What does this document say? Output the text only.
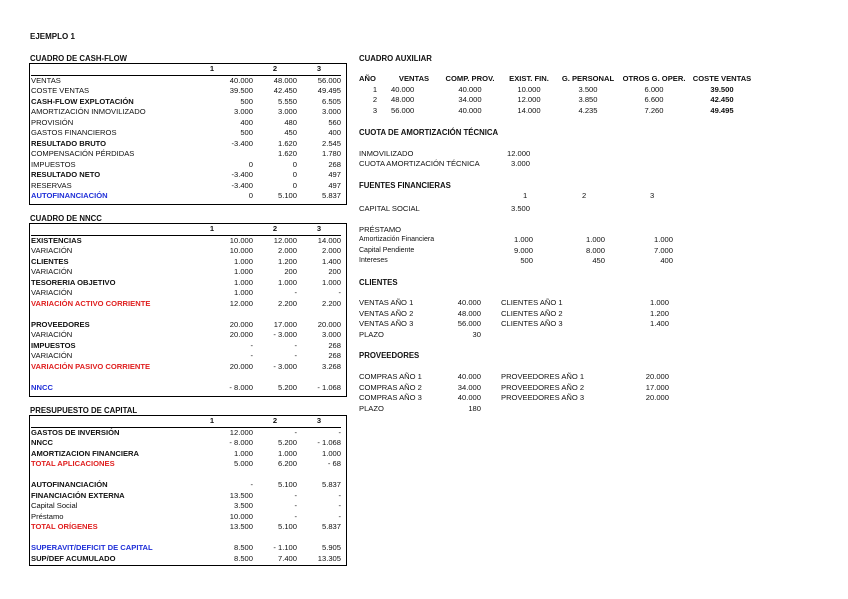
EJEMPLO 1
CUADRO DE CASH-FLOW
	1	2	3
VENTAS	40.000	48.000	56.000
COSTE VENTAS	39.500	42.450	49.495
CASH-FLOW EXPLOTACIÓN	500	5.550	6.505
AMORTIZACIÓN INMOVILIZADO	3.000	3.000	3.000
PROVISIÓN	400	480	560
GASTOS FINANCIEROS	500	450	400
RESULTADO BRUTO	-3.400	1.620	2.545
COMPENSACIÓN PÉRDIDAS		1.620	1.780
IMPUESTOS	0	0	268
RESULTADO NETO	-3.400	0	497
RESERVAS	-3.400	0	497
AUTOFINANCIACIÓN	0	5.100	5.837
CUADRO DE NNCC
	1	2	3
EXISTENCIAS	10.000	12.000	14.000
VARIACIÓN	10.000	2.000	2.000
CLIENTES	1.000	1.200	1.400
VARIACIÓN	1.000	200	200
TESORERIA OBJETIVO	1.000	1.000	1.000
VARIACIÓN	1.000	-	-
VARIACIÓN ACTIVO CORRIENTE	12.000	2.200	2.200

PROVEEDORES	20.000	17.000	20.000
VARIACIÓN	20.000	- 3.000	3.000
IMPUESTOS	-	-	268
VARIACIÓN	-	-	268
VARIACIÓN PASIVO CORRIENTE	20.000	- 3.000	3.268

NNCC	- 8.000	5.200	- 1.068
PRESUPUESTO DE CAPITAL
	1	2	3
GASTOS DE INVERSIÓN	12.000	-	-
NNCC	- 8.000	5.200	- 1.068
AMORTIZACION FINANCIERA	1.000	1.000	1.000
TOTAL APLICACIONES	5.000	6.200	- 68

AUTOFINANCIACIÓN	-	5.100	5.837
FINANCIACIÓN EXTERNA	13.500	-	-
Capital Social	3.500	-	-
Préstamo	10.000	-	-
TOTAL ORÍGENES	13.500	5.100	5.837

SUPERAVIT/DEFICIT DE CAPITAL	8.500	- 1.100	5.905
SUP/DEF ACUMULADO	8.500	7.400	13.305
CUADRO AUXILIAR
AÑO	VENTAS	COMP. PROV.	EXIST. FIN.	G. PERSONAL	OTROS G. OPER.	COSTE VENTAS
1	40.000	40.000	10.000	3.500	6.000	39.500
2	48.000	34.000	12.000	3.850	6.600	42.450
3	56.000	40.000	14.000	4.235	7.260	49.495
CUOTA DE AMORTIZACIÓN TÉCNICA
INMOVILIZADO	12.000
CUOTA AMORTIZACIÓN TÉCNICA	3.000
FUENTES FINANCIERAS
1	2	3
CAPITAL SOCIAL	3.500
PRÉSTAMO
Amortización Financiera	1.000	1.000	1.000
Capital Pendiente	9.000	8.000	7.000
Intereses	500	450	400
CLIENTES
VENTAS AÑO 1	40.000		CLIENTES AÑO 1	1.000
VENTAS AÑO 2	48.000		CLIENTES AÑO 2	1.200
VENTAS AÑO 3	56.000		CLIENTES AÑO 3	1.400
PLAZO	30			
PROVEEDORES
COMPRAS AÑO 1	40.000		PROVEEDORES AÑO 1	20.000
COMPRAS AÑO 2	34.000		PROVEEDORES AÑO 2	17.000
COMPRAS AÑO 3	40.000		PROVEEDORES AÑO 3	20.000
PLAZO	180			
